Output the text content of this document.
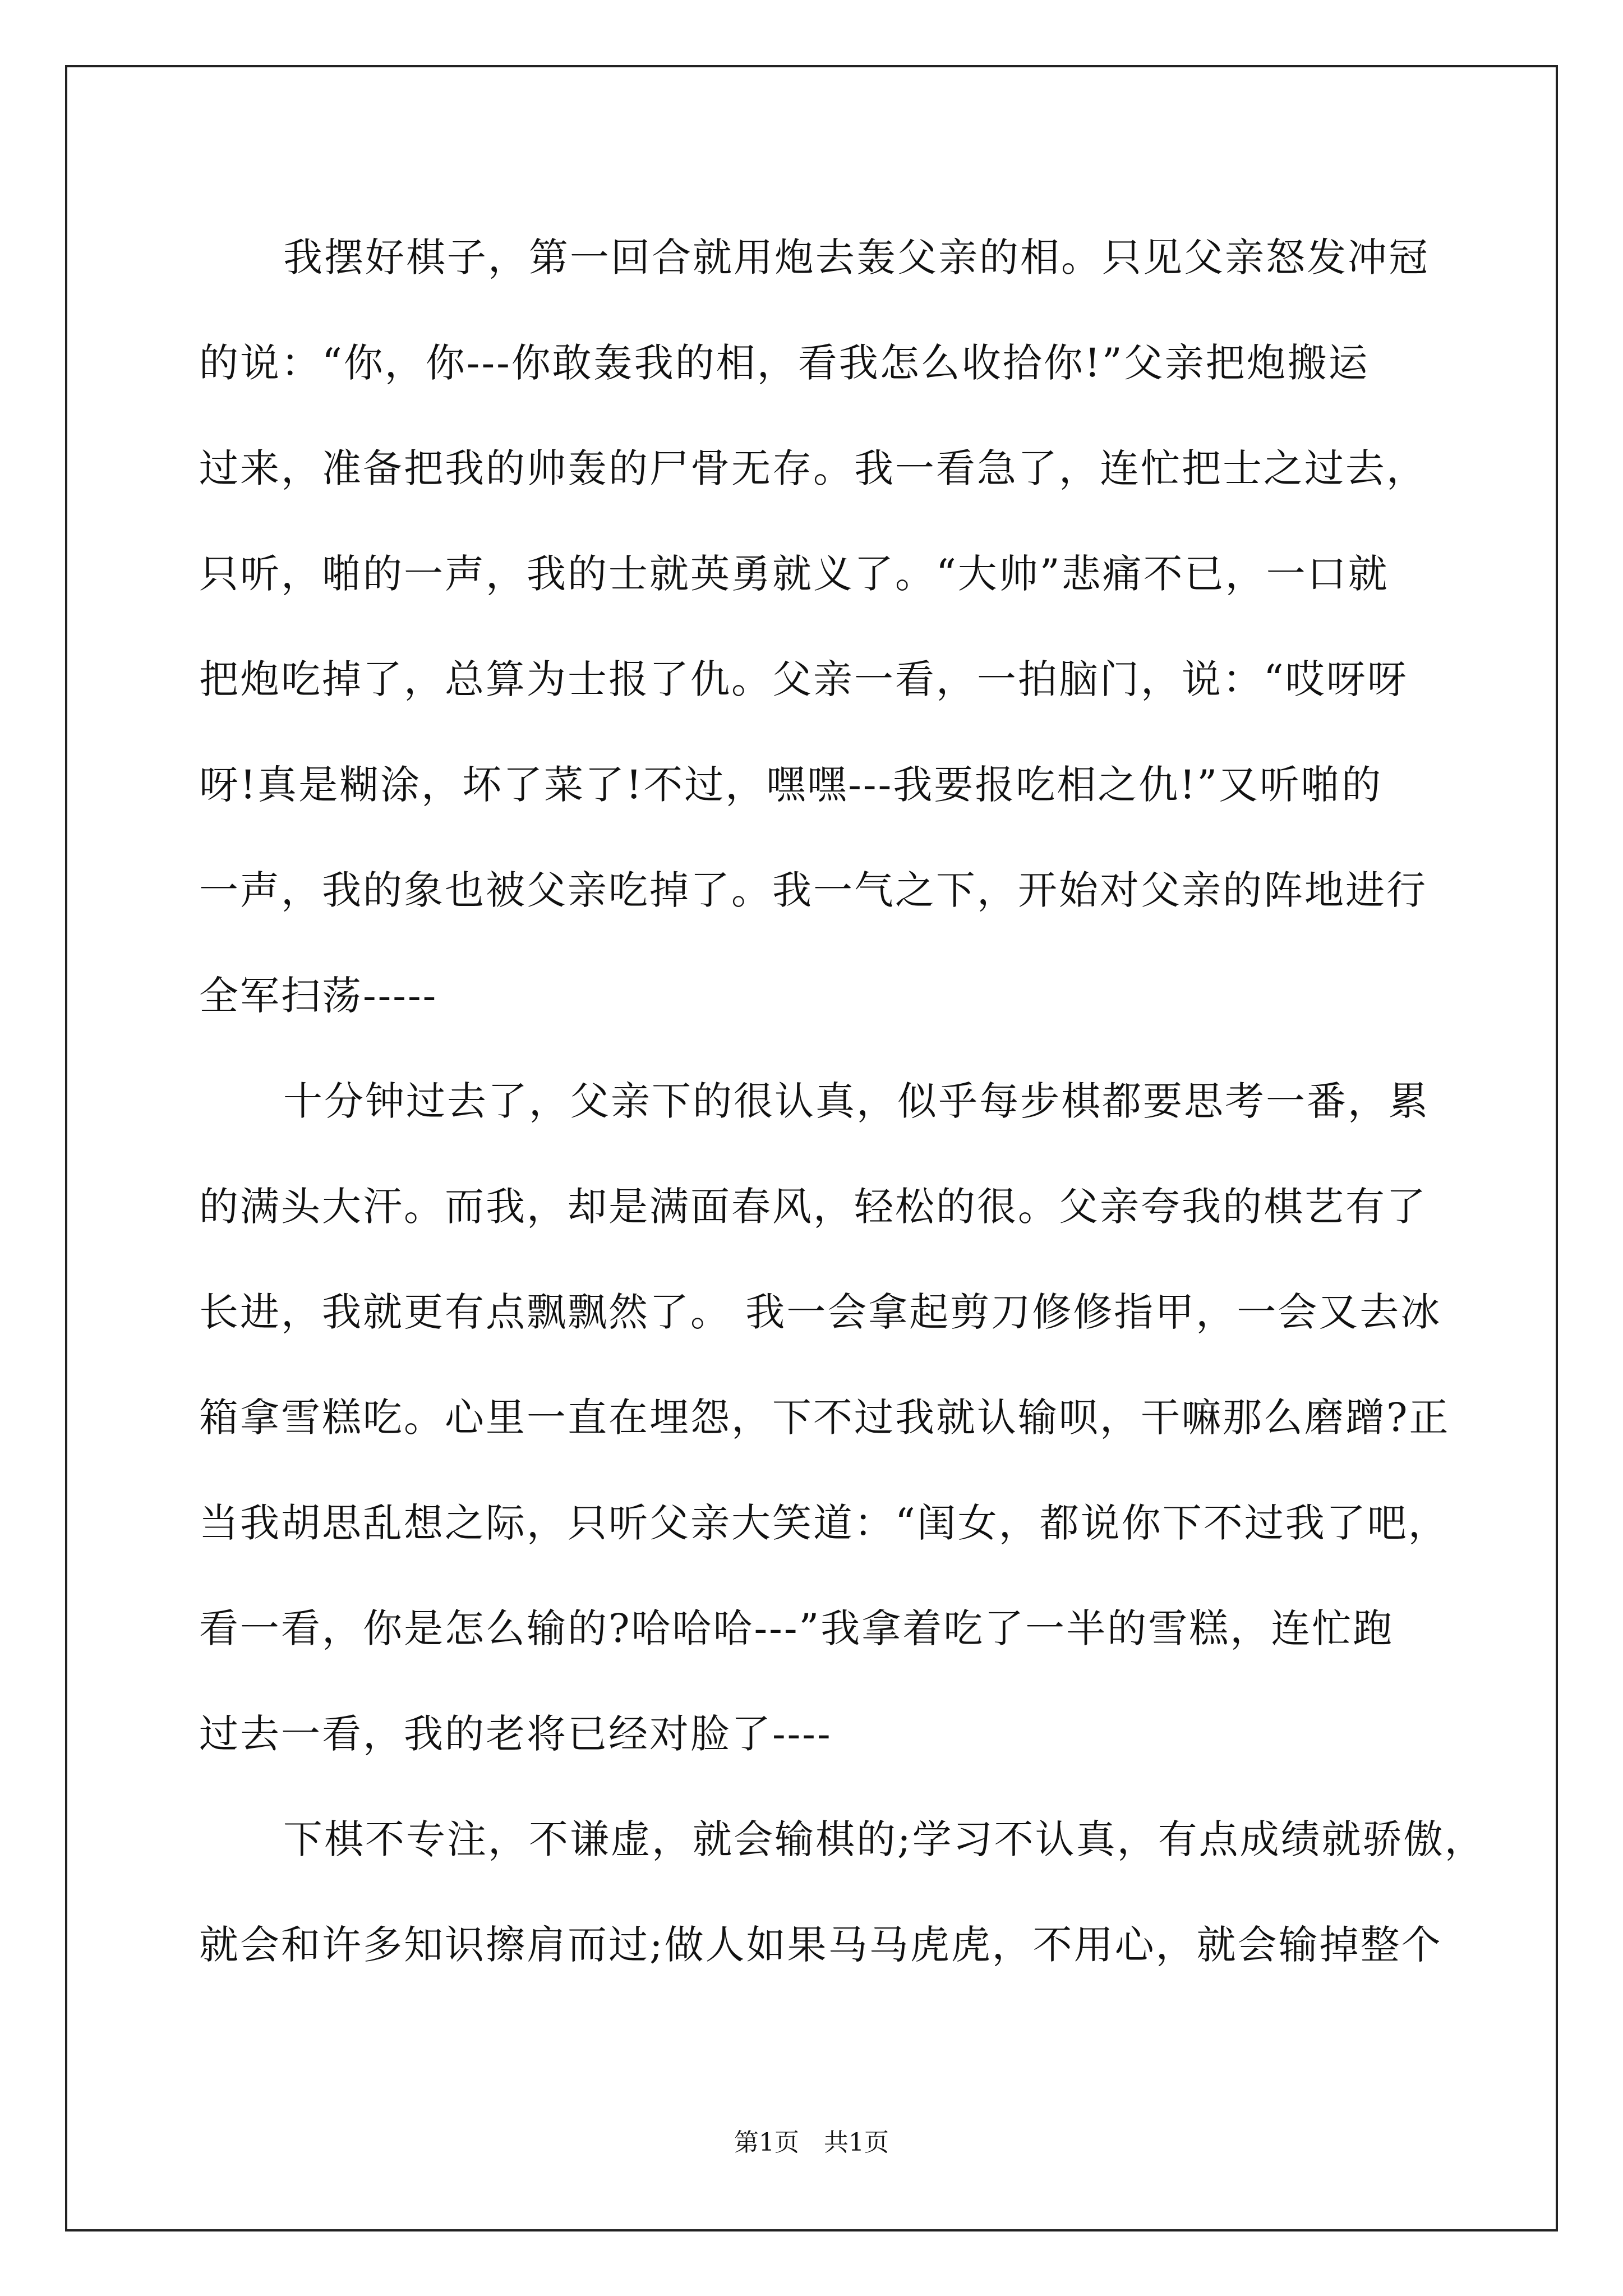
我摆好棋子，第一回合就用炮去轰父亲的相。只见父亲怒发冲冠
的说：“你，你---你敢轰我的相，看我怎么收拾你!”父亲把炮搬运
过来，准备把我的帅轰的尸骨无存。我一看急了，连忙把士之过去，
只听，啪的一声，我的士就英勇就义了。“大帅”悲痛不已，一口就
把炮吃掉了，总算为士报了仇。父亲一看，一拍脑门，说：“哎呀呀
呀!真是糊涂，坏了菜了!不过，嘿嘿---我要报吃相之仇!”又听啪的
一声，我的象也被父亲吃掉了。我一气之下，开始对父亲的阵地进行
全军扫荡-----
十分钟过去了，父亲下的很认真，似乎每步棋都要思考一番，累
的满头大汗。而我，却是满面春风，轻松的很。父亲夸我的棋艺有了
长进，我就更有点飘飘然了。 我一会拿起剪刀修修指甲，一会又去冰
箱拿雪糕吃。心里一直在埋怨，下不过我就认输呗，干嘛那么磨蹭?正
当我胡思乱想之际，只听父亲大笑道：“闺女，都说你下不过我了吧，
看一看，你是怎么输的?哈哈哈---”我拿着吃了一半的雪糕，连忙跑
过去一看，我的老将已经对脸了----
下棋不专注，不谦虚，就会输棋的;学习不认真，有点成绩就骄傲，
就会和许多知识擦肩而过;做人如果马马虎虎，不用心，就会输掉整个
第1页　共1页
